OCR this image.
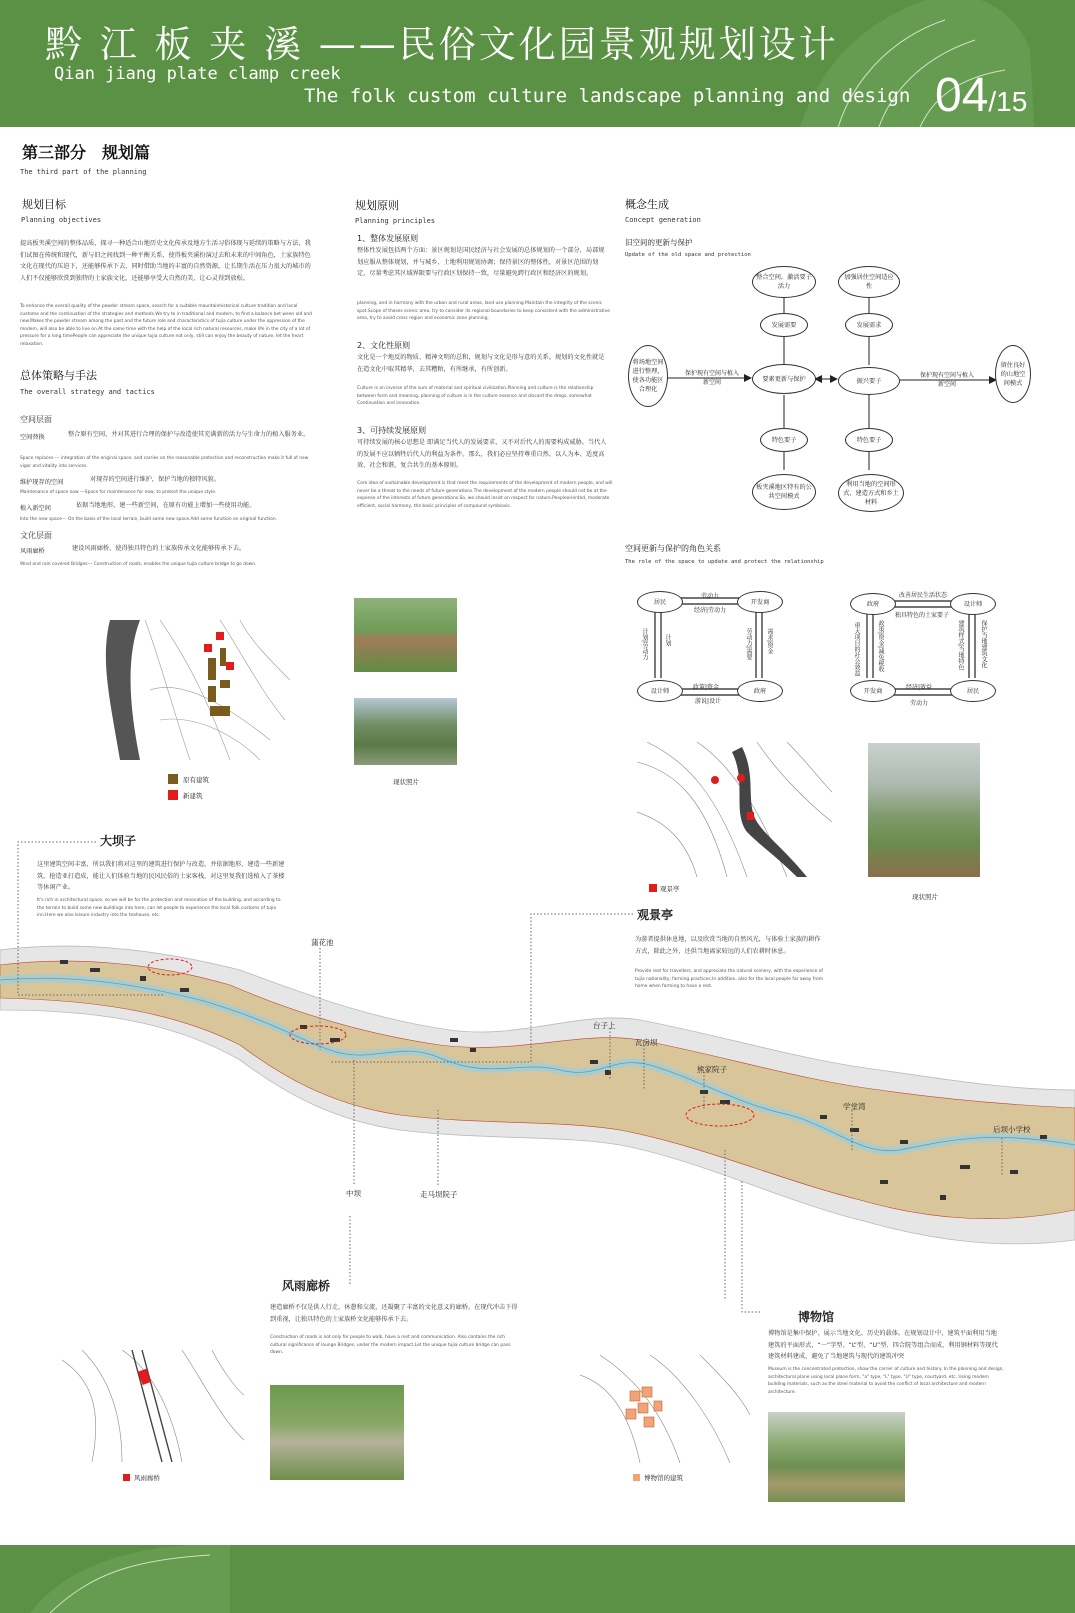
黔 江 板 夹 溪 ——民俗文化园景观规划设计
Qian jiang plate clamp creek
The folk custom culture landscape planning and design 04/15
第三部分　规划篇
The third part of the planning
规划目标
Planning objectives
提高板夹溪空间的整体品质，探寻一种适合山地历史文化传承及地方生活习俗体现与延续的策略与方法，我们试图在传统和现代，新与旧之间找到一种平衡关系，使得板夹溪扮演过去和未来的中间角色，土家族特色文化在现代的压迫下，还能够传承下去，同时借助当地的丰富的自然资源，让长期生活在压力很大的城市的人们不仅能够欣赏到独特的土家族文化，还能够享受大自然的美，让心灵得到放松。
To enhance the overall quality of the powder stream space, search for a suitable mountainhistorical culture tradition and local custome and the continuation of the strategies and methods.We try to in traditional and modern, to find a balance bet ween old and new.Makes the powder stream among the past and the future role and characteristics of tujia culture under the oppression of the modern, will also be able to live on.At the same time with the help of the local rich natural resources, make life in the city of a lot of pressure for a long timePeople can appreciate the unique tujia culture not only, still can enjoy the beauty of nature, let the heart relaxation.
总体策略与手法
The overall strategy and tactics
空间层面
空间替换	整合原有空间，并对其进行合理的保护与改造使其充满新的活力与生命力的植入服务业。
Space replaces --- integration of the original space, and carries on the reasonable protection and reconstruction make it full of new vigor and vitality into services.
维护现存的空间	对现存的空间进行维护，保护当地的独特风貌。
Maintenance of space now ---Space for maintenance for now, to protect the unique style.
植入新空间	依据当地地形，建一些新空间，在原有功能上增加一些使用功能。
Into the new space--- On the basis of the local terrain, build some new space.Add some function on original function.
文化层面
风雨廊桥	建设风雨廊桥，使得独具特色的土家族传承文化能够传承下去。
Wind and rain covered Bridges--- Construction of roads, enables the unique tujia culture bridge to go down.
规划原则
Planning principles
1、整体发展原则
整体性发展包括两个方面：景区规划是国民经济与社会发展的总体规划的一个部分，局部规划应服从整体规划，并与城乡、土地利用规划协调；保持景区的整体性，对景区范围的划定，尽量考虑其区域界限要与行政区划保持一致，尽量避免跨行政区和经济区的规划。
planning, and in harmony with the urban and rural areas, land use planning.Maintain the integrity of the scenic spot.Scope of theses scenic area, try to consider its regional boundaries to keep consistent with the administrative area, try to avoid cross region and economic zone planning.
2、文化性原则
文化是一个地反的物质、精神文明的总和，规划与文化是形与意的关系。规划的文化性就是在造文化中取其精华，去其糟粕，有所继承，有所创新。
Culture is an inverse of the sum of material and spiritual civilization.Planning and culture is the relationship between form and meaning, planning of culture is in the culture essence and discard the dregs, somewhat Continuation and innovation.
3、可持续发展原则
可持续发展的核心思想是 即满足当代人的发展要求，又不对后代人的需要构成威胁。当代人的发展不应以牺牲后代人的利益为条件。那么，我们必应坚持尊重自然、以人为本、适度高效、社会和谐，复合共生的基本原则。
Core idea of sustainable development is that meet the requirements of the development of modern people, and will never be a threat to the needs of future generations.The development of the modern people should not be at the expense of the interests of future generations.So, we should insist on respect for nature.Peopleoriented, moderate efficient, social harmony, the basic principles of compound symbiosis.
概念生成
Concept generation
旧空间的更新与保护
Update of the old space and protection
将场地空间进行整理，使各功能区合理化
保护现有空间与植入新空间	要素更新与保护
整合空间，激活要子活力
发展需要
特色要子
板夹溪地区特有的公共空间模式
振兴要子
加强居住空间适应性
发展需求
特色要子
利用当地的空间形式，建造方式和乡土材料
保护现有空间与植入新空间
留住良好的山地空间模式
空间更新与保护的角色关系
The role of the space to update and protect the relationship
居民	开发商
设计师	政府
劳动力
经济|劳动力
政策|资金
游说|设计
计划|劳动力	计划	劳动力|需要 需求|资金
政府	设计师
开发商	居民
改善居民生活状态
独具特色的土家要子
经济|效益
劳动力
重大项目的社会效益	政策|资金|减免税收	建筑样式|当地特色	保护当地建筑文化
原有建筑
新建筑
现状照片
观景亭
现状照片
大坝子
这里建筑空间丰富，所以我们将对这里的建筑进行保护与改造，并依据地形，建造一些新建筑，抢造亚打造成，能让人们体验当地的民风民俗的土家客栈，对这里复我们选植入了茶楼等休闲产业。
It's rich in architectural space, so we will be for the protection and renovation of the building, and according to the terrain to build some new buildings into here, can let people to experience the local folk customs of tujia inn.Here we also leisure industry into the teahouse, etc.	观景亭
为游者提供休息地，以及欣赏当地的自然风光，与体验土家族的耕作方式，除此之外，还供当地离家较远的人们农耕时休息。
Provide rest for travellers, and appreciate the natural scenery, with the experience of tujia nationality, farming practices.In addition, also for the local people far away from home when farming to have a rest.
蒲花池
中坝	走马坝院子
台子上
瓦房坝
熊家院子
学堂湾
后坝小学校
风雨廊桥
建造廊桥不仅是供人行走，休憩和交流，还凝聚了丰富的文化意义的廊桥。在现代冲击下得到重视，让独具特色的土家族桥文化能够传承下去。
Construction of roads is not only for people to walk, have a rest and communication. Also contains the rich cultural significance of lounge Bridges, under the modern impact.Let the unique tujia culture bridge can pass down.
风雨廊桥
博物馆
博物馆是集中保护、展示当地文化、历史的载体。在规划设计中，建筑平面利用当地建筑的平面形式，“一”字型、“L”型、“U”型、四合院等组合而成，利用钢材料等现代建筑材料建成，避免了当地建筑与现代的建筑冲突
Museum is the concentrated protection, show the carrier of culture and history. In the planning and design, architectural plane using local plane form, "a" type, "L" type, "U" type, courtyard, etc. Using modern building materials, such as the steel material to avoid the conflict of local architecture and modern architecture.
博物馆的建筑
